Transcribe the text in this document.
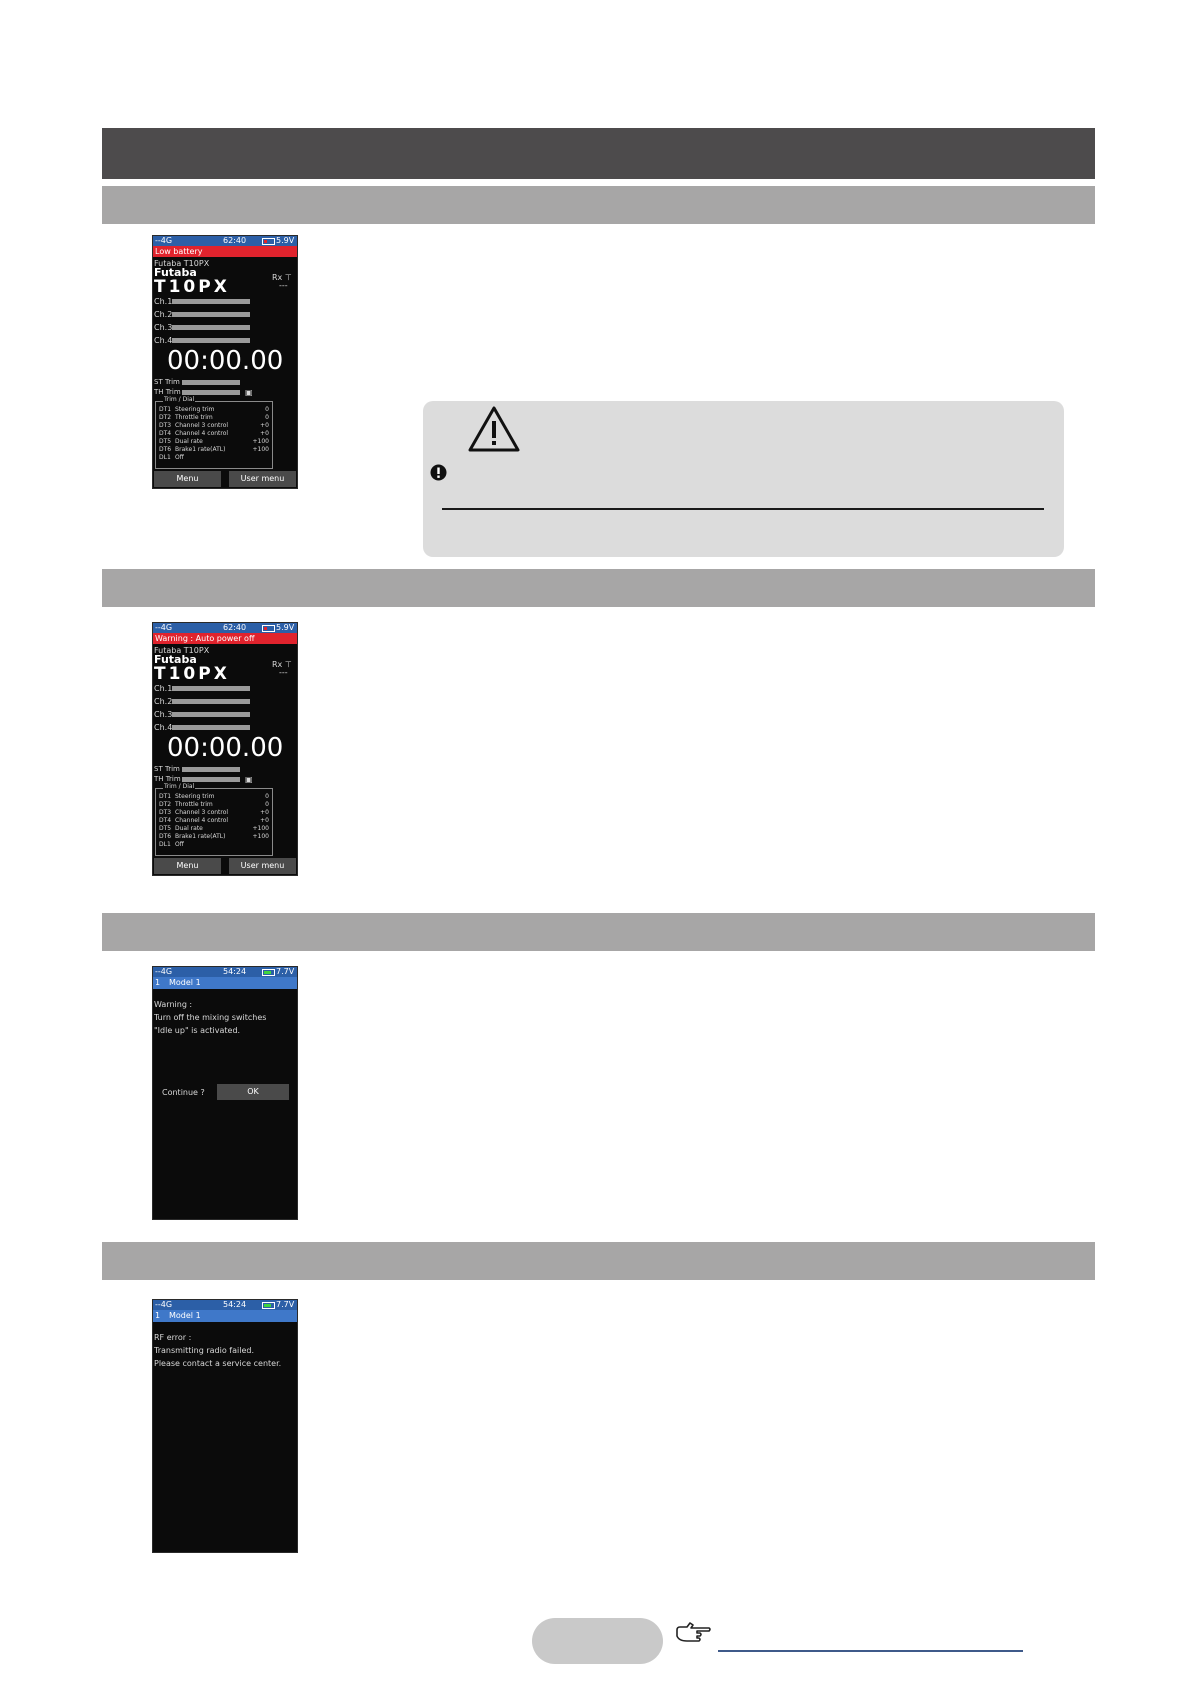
‑-4G	62:40	5.9V
Low battery
Futaba T10PX
Futaba
T10PX	Rx ⊤
---
Ch.1
Ch.2
Ch.3
Ch.4
00:00.00
ST Trim
TH Trim	▣
Trim / Dial
DT1 Steering trim	0
DT2 Throttle trim	0
DT3 Channel 3 control	+0
DT4 Channel 4 control	+0
DT5 Dual rate	+100
DT6 Brake1 rate(ATL)	+100
DL1 Off
Menu	User menu
‑-4G	62:40	5.9V
Warning : Auto power off
Futaba T10PX
Futaba
T10PX	Rx ⊤
---
Ch.1
Ch.2
Ch.3
Ch.4
00:00.00
ST Trim
TH Trim	▣
Trim / Dial
DT1 Steering trim	0
DT2 Throttle trim	0
DT3 Channel 3 control	+0
DT4 Channel 4 control	+0
DT5 Dual rate	+100
DT6 Brake1 rate(ATL)	+100
DL1 Off
Menu	User menu
‑-4G	54:24	7.7V
1 Model 1
Warning :
Turn off the mixing switches
"Idle up" is activated.
Continue ?	OK
‑-4G	54:24	7.7V
1 Model 1
RF error :
Transmitting radio failed.
Please contact a service center.
